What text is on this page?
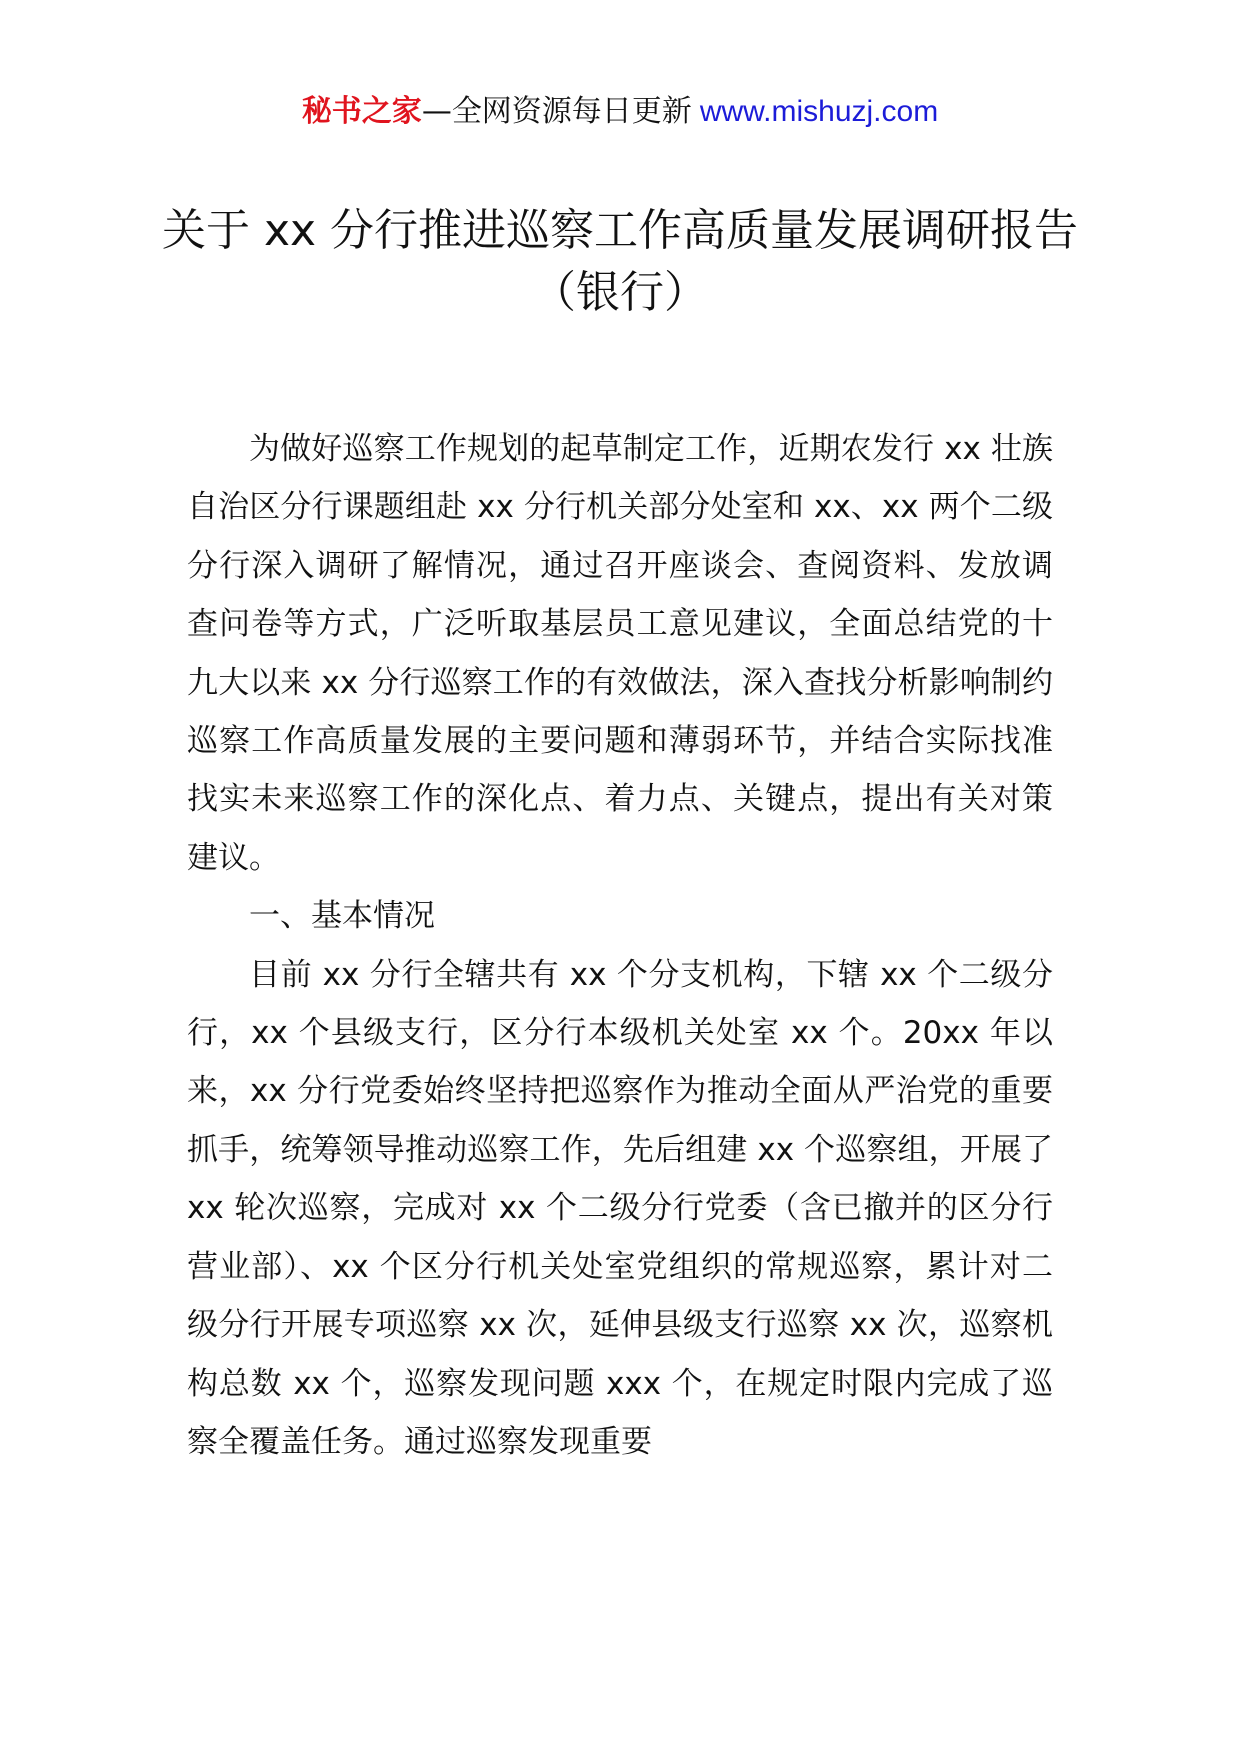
秘书之家—全网资源每日更新 www.mishuzj.com
关于 xx 分行推进巡察工作高质量发展调研报告（银行）

为做好巡察工作规划的起草制定工作，近期农发行 xx 壮族自治区分行课题组赴 xx 分行机关部分处室和 xx、xx 两个二级分行深入调研了解情况，通过召开座谈会、查阅资料、发放调查问卷等方式，广泛听取基层员工意见建议，全面总结党的十九大以来 xx 分行巡察工作的有效做法，深入查找分析影响制约巡察工作高质量发展的主要问题和薄弱环节，并结合实际找准找实未来巡察工作的深化点、着力点、关键点，提出有关对策建议。

一、基本情况

目前 xx 分行全辖共有 xx 个分支机构，下辖 xx 个二级分行，xx 个县级支行，区分行本级机关处室 xx 个。20xx 年以来，xx 分行党委始终坚持把巡察作为推动全面从严治党的重要抓手，统筹领导推动巡察工作，先后组建 xx 个巡察组，开展了 xx 轮次巡察，完成对 xx 个二级分行党委（含已撤并的区分行营业部）、xx 个区分行机关处室党组织的常规巡察，累计对二级分行开展专项巡察 xx 次，延伸县级支行巡察 xx 次，巡察机构总数 xx 个，巡察发现问题 xxx 个，在规定时限内完成了巡察全覆盖任务。通过巡察发现重要
